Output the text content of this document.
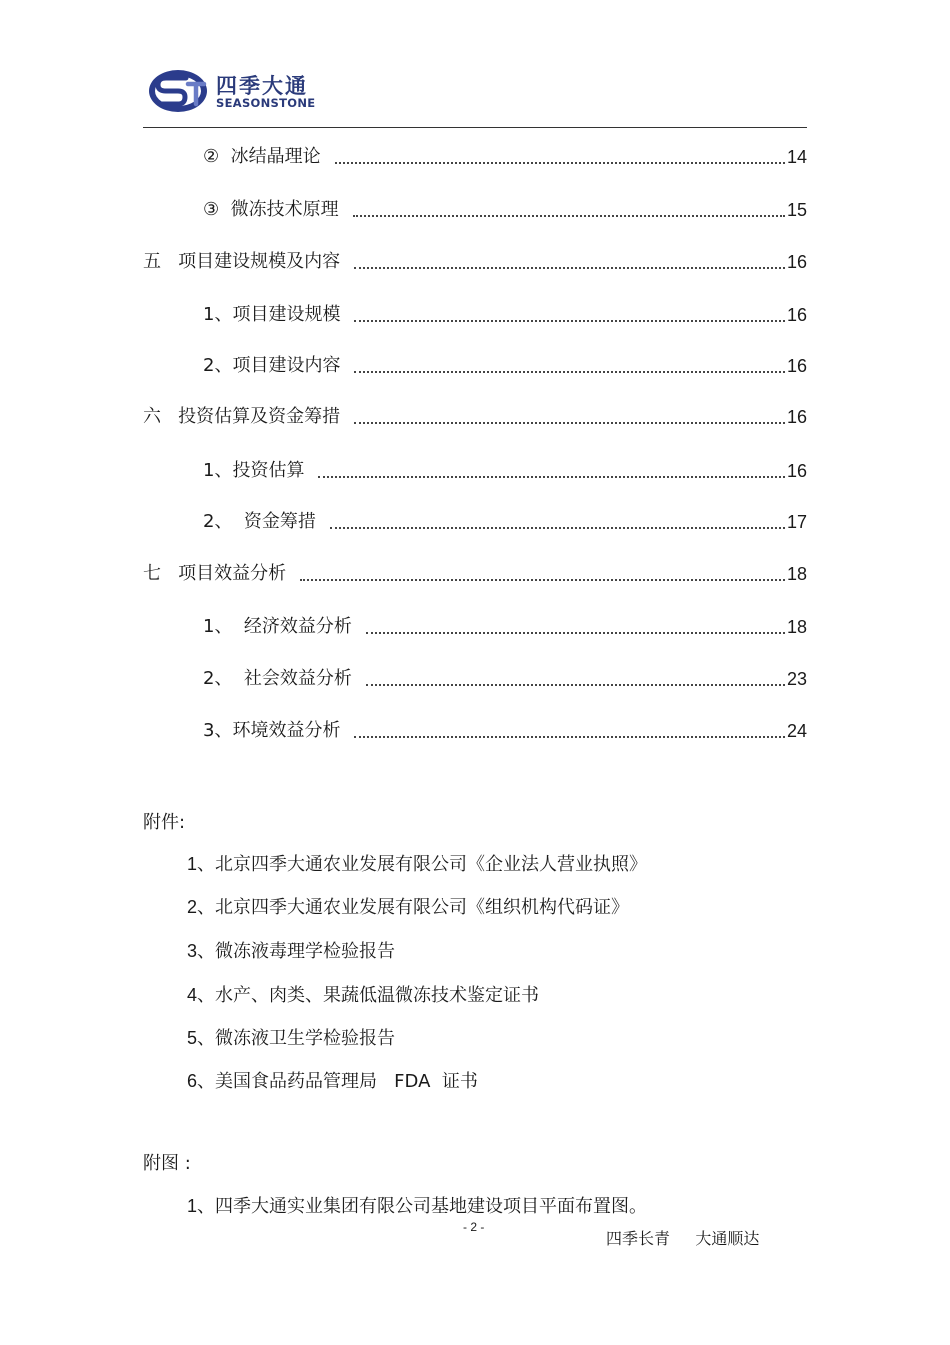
四季大通
SEASONSTONE
② 冰结晶理论	14
③ 微冻技术原理	15
五 项目建设规模及内容	16
1、 项目建设规模	16
2、 项目建设内容	16
六 投资估算及资金筹措	16
1、 投资估算	16
2、 资金筹措	17
七 项目效益分析	18
1、 经济效益分析	18
2、 社会效益分析	23
3、 环境效益分析	24
附件:
1、北京四季大通农业发展有限公司《企业法人营业执照》
2、北京四季大通农业发展有限公司《组织机构代码证》
3、微冻液毒理学检验报告
4、水产、肉类、果蔬低温微冻技术鉴定证书
5、微冻液卫生学检验报告
6、美国食品药品管理局   FDA  证书
附图 :
1、四季大通实业集团有限公司基地建设项目平面布置图。
- 2 -
四季长青     大通顺达
